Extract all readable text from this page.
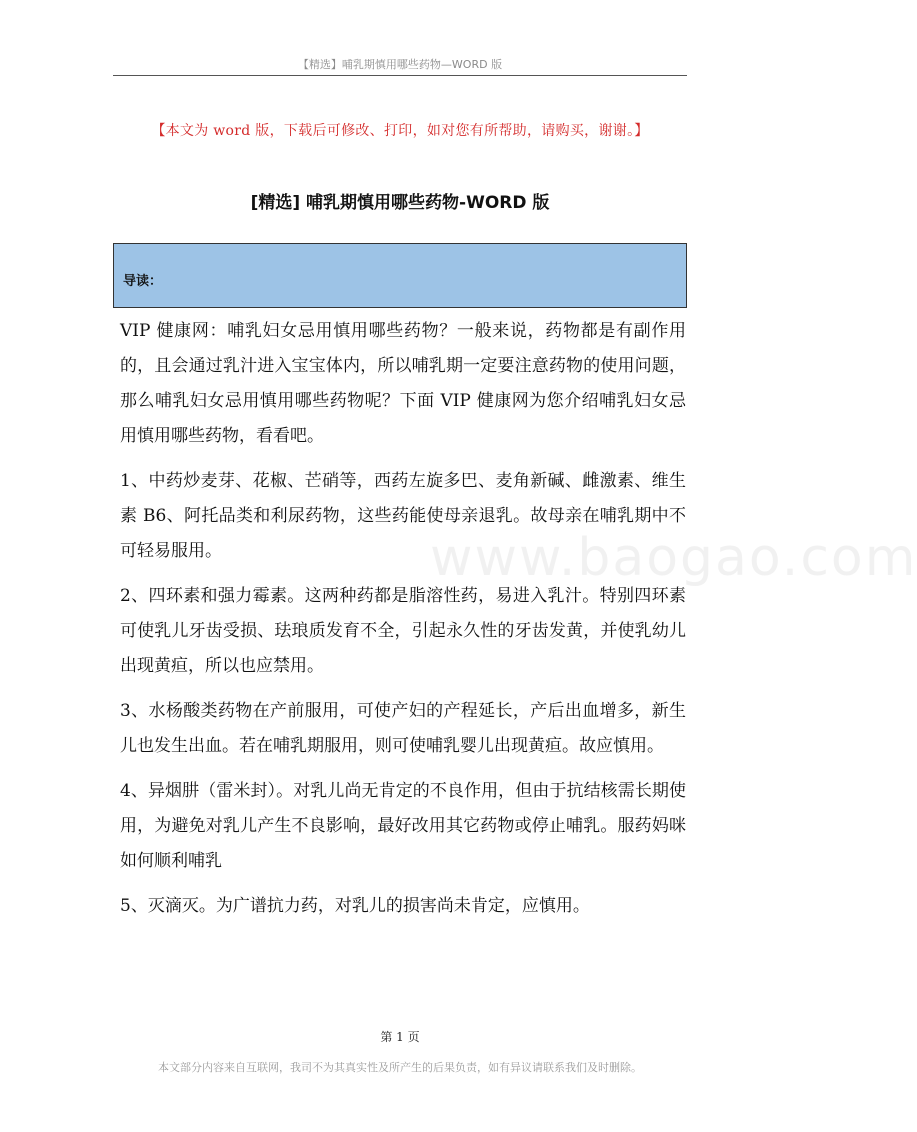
【精选】哺乳期慎用哪些药物—WORD 版
【本文为 word 版，下载后可修改、打印，如对您有所帮助，请购买，谢谢。】
[精选] 哺乳期慎用哪些药物-WORD 版
导读：

VIP 健康网：哺乳妇女忌用慎用哪些药物？一般来说，药物都是有副作用的，且会通过乳汁进入宝宝体内，所以哺乳期一定要注意药物的使用问题，那么哺乳妇女忌用慎用哪些药物呢？下面 VIP 健康网为您介绍哺乳妇女忌用慎用哪些药物，看看吧。

1、中药炒麦芽、花椒、芒硝等，西药左旋多巴、麦角新碱、雌激素、维生素 B6、阿托品类和利尿药物，这些药能使母亲退乳。故母亲在哺乳期中不可轻易服用。

2、四环素和强力霉素。这两种药都是脂溶性药，易进入乳汁。特别四环素可使乳儿牙齿受损、珐琅质发育不全，引起永久性的牙齿发黄，并使乳幼儿出现黄疸，所以也应禁用。

3、水杨酸类药物在产前服用，可使产妇的产程延长，产后出血增多，新生儿也发生出血。若在哺乳期服用，则可使哺乳婴儿出现黄疸。故应慎用。

4、异烟肼（雷米封）。对乳儿尚无肯定的不良作用，但由于抗结核需长期使用，为避免对乳儿产生不良影响，最好改用其它药物或停止哺乳。服药妈咪如何顺利哺乳

5、灭滴灭。为广谱抗力药，对乳儿的损害尚未肯定，应慎用。

www.baogao.com
第 1 页
本文部分内容来自互联网，我司不为其真实性及所产生的后果负责，如有异议请联系我们及时删除。
